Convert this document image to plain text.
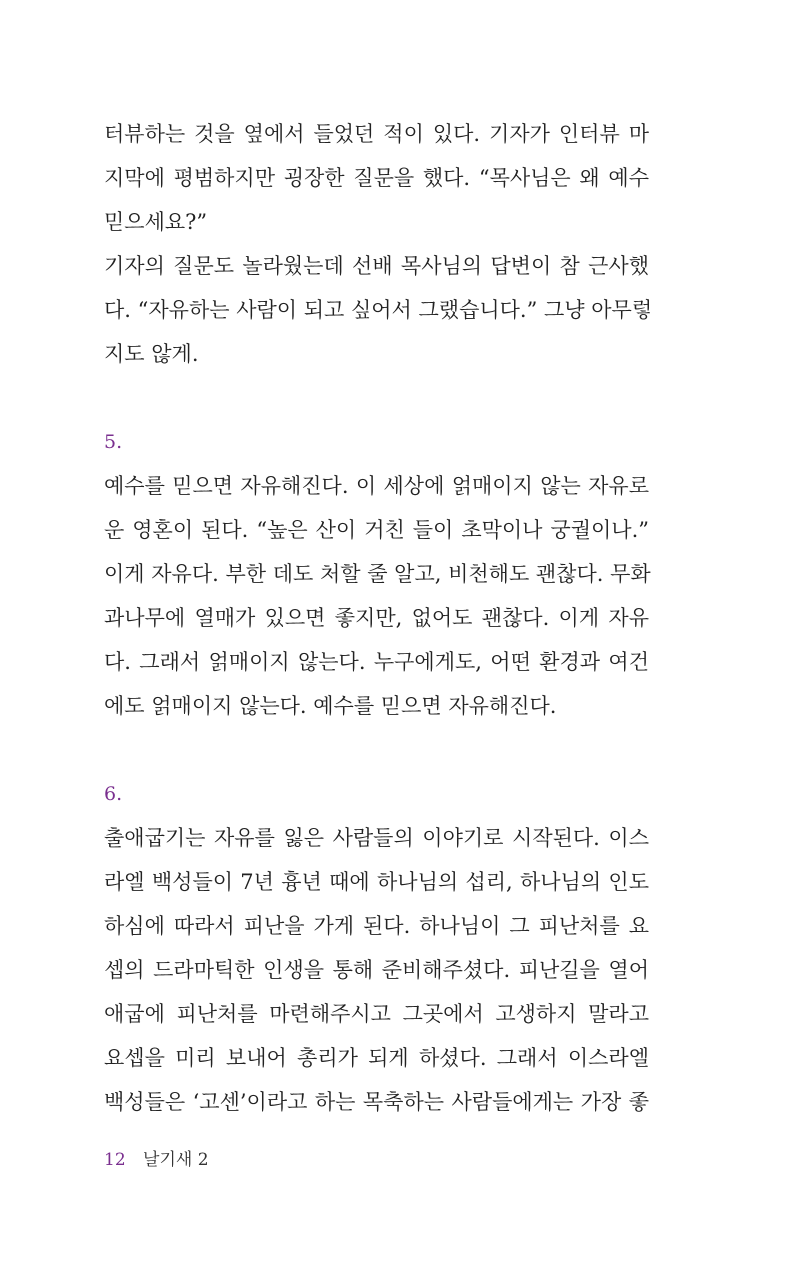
터뷰하는 것을 옆에서 들었던 적이 있다. 기자가 인터뷰 마
지막에 평범하지만 굉장한 질문을 했다. “목사님은 왜 예수
믿으세요?”
기자의 질문도 놀라웠는데 선배 목사님의 답변이 참 근사했
다. “자유하는 사람이 되고 싶어서 그랬습니다.” 그냥 아무렇
지도 않게.
5.
예수를 믿으면 자유해진다. 이 세상에 얽매이지 않는 자유로
운 영혼이 된다. “높은 산이 거친 들이 초막이나 궁궐이나.”
이게 자유다. 부한 데도 처할 줄 알고, 비천해도 괜찮다. 무화
과나무에 열매가 있으면 좋지만, 없어도 괜찮다. 이게 자유
다. 그래서 얽매이지 않는다. 누구에게도, 어떤 환경과 여건
에도 얽매이지 않는다. 예수를 믿으면 자유해진다.
6.
출애굽기는 자유를 잃은 사람들의 이야기로 시작된다. 이스
라엘 백성들이 7년 흉년 때에 하나님의 섭리, 하나님의 인도
하심에 따라서 피난을 가게 된다. 하나님이 그 피난처를 요
셉의 드라마틱한 인생을 통해 준비해주셨다. 피난길을 열어
애굽에 피난처를 마련해주시고 그곳에서 고생하지 말라고
요셉을 미리 보내어 총리가 되게 하셨다. 그래서 이스라엘
백성들은 ‘고센’이라고 하는 목축하는 사람들에게는 가장 좋
12 날기새 2
